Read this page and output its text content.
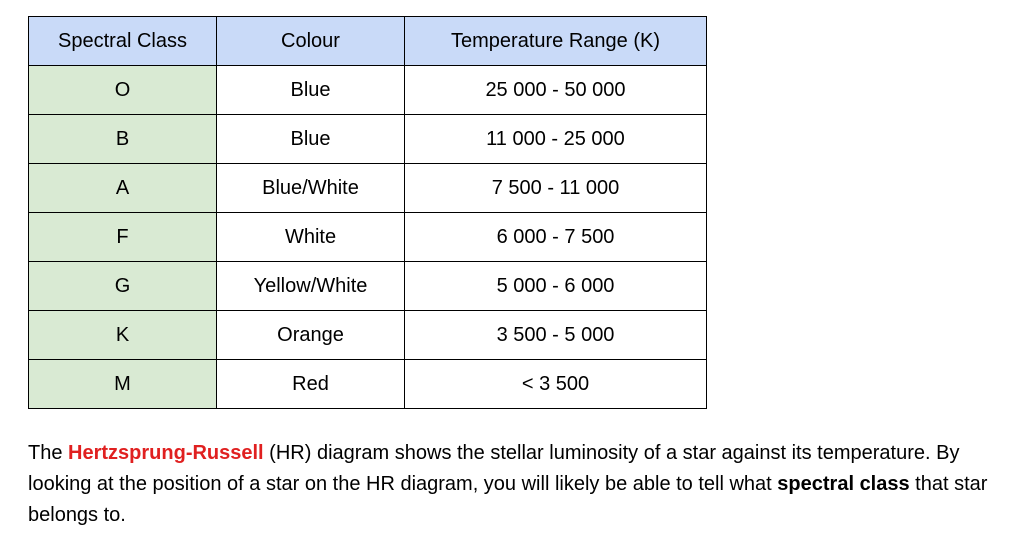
Spectral Class	Colour	Temperature Range (K)
O	Blue	25 000 - 50 000
B	Blue	11 000 - 25 000
A	Blue/White	7 500 - 11 000
F	White	6 000 - 7 500
G	Yellow/White	5 000 - 6 000
K	Orange	3 500 - 5 000
M	Red	< 3 500

The Hertzsprung-Russell (HR) diagram shows the stellar luminosity of a star against its temperature. By looking at the position of a star on the HR diagram, you will likely be able to tell what spectral class that star belongs to.
